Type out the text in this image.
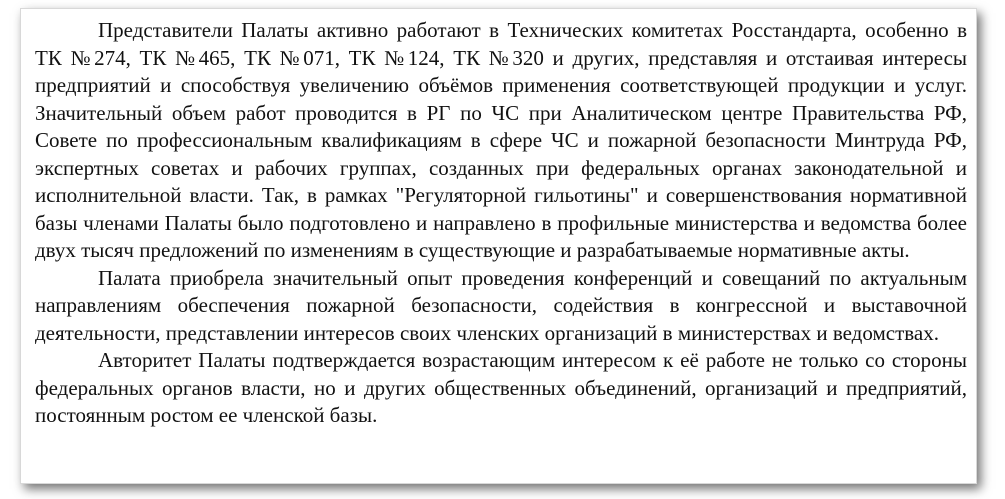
Представители Палаты активно работают в Технических комитетах Росстандарта, особенно в ТК №274, ТК №465, ТК №071, ТК №124, ТК №320 и других, представляя и отстаивая интересы предприятий и способствуя увеличению объёмов применения соответствующей продукции и услуг. Значительный объем работ проводится в РГ по ЧС при Аналитическом центре Правительства РФ, Совете по профессиональным квалификациям в сфере ЧС и пожарной безопасности Минтруда РФ, экспертных советах и рабочих группах, созданных при федеральных органах законодательной и исполнительной власти. Так, в рамках "Регуляторной гильотины" и совершенствования нормативной базы членами Палаты было подготовлено и направлено в профильные министерства и ведомства более двух тысяч предложений по изменениям в существующие и разрабатываемые нормативные акты.

Палата приобрела значительный опыт проведения конференций и совещаний по актуальным направлениям обеспечения пожарной безопасности, содействия в конгрессной и выставочной деятельности, представлении интересов своих членских организаций в министерствах и ведомствах.

Авторитет Палаты подтверждается возрастающим интересом к её работе не только со стороны федеральных органов власти, но и других общественных объединений, организаций и предприятий, постоянным ростом ее членской базы.
